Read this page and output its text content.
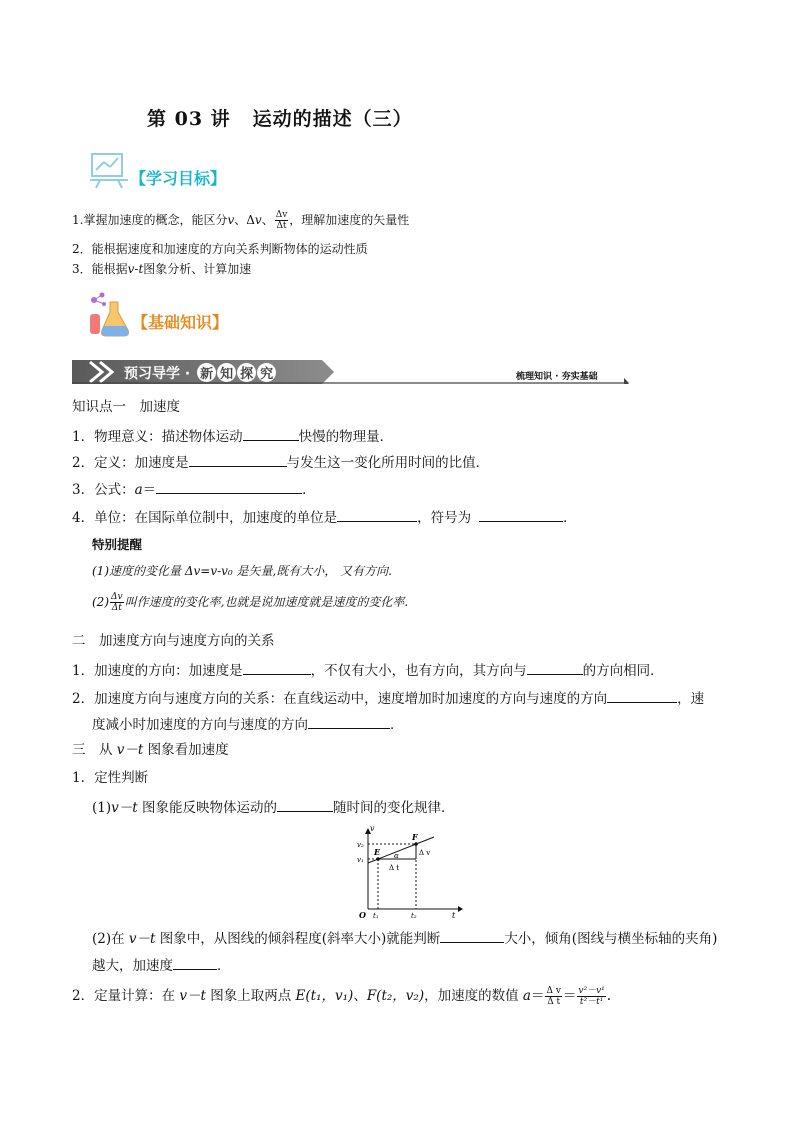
第 03 讲 运动的描述（三）
【学习目标】
1.掌握加速度的概念，能区分v、Δv、 $\frac{\Delta v}{\Delta t}$ ，理解加速度的矢量性
2．能根据速度和加速度的方向关系判断物体的运动性质
3．能根据v-t图象分析、计算加速
【基础知识】
预习导学 · 新 知 探 究	梳理知识 · 夯实基础
知识点一　加速度
1．物理意义：描述物体运动	快慢的物理量．
2．定义：加速度是	与发生这一变化所用时间的比值．
3．公式：a＝	．
4．单位：在国际单位制中，加速度的单位是	，符号为	．
特别提醒
(1)速度的变化量 Δv=v-v₀ 是矢量,既有大小， 又有方向.
$(2) \frac{\Delta v}{\Delta t}$ 叫作速度的变化率,也就是说加速度就是速度的变化率.
二　加速度方向与速度方向的关系
1．加速度的方向：加速度是	，不仅有大小，也有方向，其方向与	的方向相同．
2．加速度方向与速度方向的关系：在直线运动中，速度增加时加速度的方向与速度的方向	，速
度减小时加速度的方向与速度的方向	．
三　从 v－t 图象看加速度
1．定性判断
(1)v－t 图象能反映物体运动的	随时间的变化规律．
v
t
O
v₁
v₂
t₁	t₂
E
F
α
Δ t
Δ v
(2)在 v－t 图象中，从图线的倾斜程度(斜率大小)就能判断	大小，倾角(图线与横坐标轴的夹角)
越大，加速度	．
2．定量计算：在 v－t 图象上取两点 E(t₁，v₁)、F(t₂，v₂)，加速度的数值 $a= \frac{\text{Δ v}}{\text{Δ t}} = \frac{\text{v²－v¹}}{\text{t²－t¹}}$ .
